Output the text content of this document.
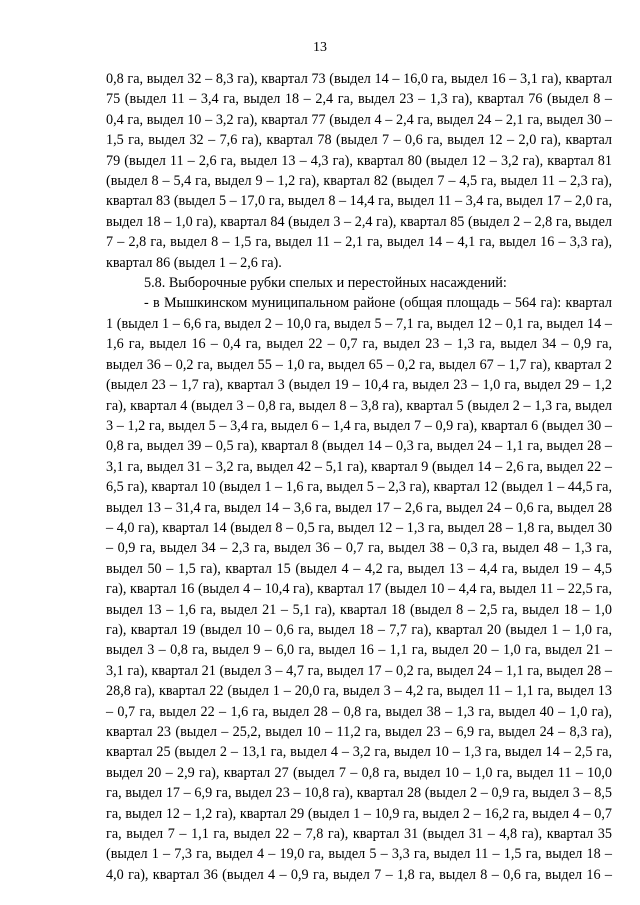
13

0,8 га, выдел 32 – 8,3 га), квартал 73 (выдел 14 – 16,0 га, выдел 16 – 3,1 га), квартал 75 (выдел 11 – 3,4 га, выдел 18 – 2,4 га, выдел 23 – 1,3 га), квартал 76 (выдел 8 – 0,4 га, выдел 10 – 3,2 га), квартал 77 (выдел 4 – 2,4 га, выдел 24 – 2,1 га, выдел 30 – 1,5 га, выдел 32 – 7,6 га), квартал 78 (выдел 7 – 0,6 га, выдел 12 – 2,0 га), квартал 79 (выдел 11 – 2,6 га, выдел 13 – 4,3 га), квартал 80 (выдел 12 – 3,2 га), квартал 81 (выдел 8 – 5,4 га, выдел 9 – 1,2 га), квартал 82 (выдел 7 – 4,5 га, выдел 11 – 2,3 га), квартал 83 (выдел 5 – 17,0 га, выдел 8 – 14,4 га, выдел 11 – 3,4 га, выдел 17 – 2,0 га, выдел 18 – 1,0 га), квартал 84 (выдел 3 – 2,4 га), квартал 85 (выдел 2 – 2,8 га, выдел 7 – 2,8 га, выдел 8 – 1,5 га, выдел 11 – 2,1 га, выдел 14 – 4,1 га, выдел 16 – 3,3 га), квартал 86 (выдел 1 – 2,6 га).

5.8. Выборочные рубки спелых и перестойных насаждений:

- в Мышкинском муниципальном районе (общая площадь – 564 га): квартал 1 (выдел 1 – 6,6 га, выдел 2 – 10,0 га, выдел 5 – 7,1 га, выдел 12 – 0,1 га, выдел 14 – 1,6 га, выдел 16 – 0,4 га, выдел 22 – 0,7 га, выдел 23 – 1,3 га, выдел 34 – 0,9 га, выдел 36 – 0,2 га, выдел 55 – 1,0 га, выдел 65 – 0,2 га, выдел 67 – 1,7 га), квартал 2 (выдел 23 – 1,7 га), квартал 3 (выдел 19 – 10,4 га, выдел 23 – 1,0 га, выдел 29 – 1,2 га), квартал 4 (выдел 3 – 0,8 га, выдел 8 – 3,8 га), квартал 5 (выдел 2 – 1,3 га, выдел 3 – 1,2 га, выдел 5 – 3,4 га, выдел 6 – 1,4 га, выдел 7 – 0,9 га), квартал 6 (выдел 30 – 0,8 га, выдел 39 – 0,5 га), квартал 8 (выдел 14 – 0,3 га, выдел 24 – 1,1 га, выдел 28 – 3,1 га, выдел 31 – 3,2 га, выдел 42 – 5,1 га), квартал 9 (выдел 14 – 2,6 га, выдел 22 – 6,5 га), квартал 10 (выдел 1 – 1,6 га, выдел 5 – 2,3 га), квартал 12 (выдел 1 – 44,5 га, выдел 13 – 31,4 га, выдел 14 – 3,6 га, выдел 17 – 2,6 га, выдел 24 – 0,6 га, выдел 28 – 4,0 га), квартал 14 (выдел 8 – 0,5 га, выдел 12 – 1,3 га, выдел 28 – 1,8 га, выдел 30 – 0,9 га, выдел 34 – 2,3 га, выдел 36 – 0,7 га, выдел 38 – 0,3 га, выдел 48 – 1,3 га, выдел 50 – 1,5 га), квартал 15 (выдел 4 – 4,2 га, выдел 13 – 4,4 га, выдел 19 – 4,5 га), квартал 16 (выдел 4 – 10,4 га), квартал 17 (выдел 10 – 4,4 га, выдел 11 – 22,5 га, выдел 13 – 1,6 га, выдел 21 – 5,1 га), квартал 18 (выдел 8 – 2,5 га, выдел 18 – 1,0 га), квартал 19 (выдел 10 – 0,6 га, выдел 18 – 7,7 га), квартал 20 (выдел 1 – 1,0 га, выдел 3 – 0,8 га, выдел 9 – 6,0 га, выдел 16 – 1,1 га, выдел 20 – 1,0 га, выдел 21 – 3,1 га), квартал 21 (выдел 3 – 4,7 га, выдел 17 – 0,2 га, выдел 24 – 1,1 га, выдел 28 – 28,8 га), квартал 22 (выдел 1 – 20,0 га, выдел 3 – 4,2 га, выдел 11 – 1,1 га, выдел 13 – 0,7 га, выдел 22 – 1,6 га, выдел 28 – 0,8 га, выдел 38 – 1,3 га, выдел 40 – 1,0 га), квартал 23 (выдел – 25,2, выдел 10 – 11,2 га, выдел 23 – 6,9 га, выдел 24 – 8,3 га), квартал 25 (выдел 2 – 13,1 га, выдел 4 – 3,2 га, выдел 10 – 1,3 га, выдел 14 – 2,5 га, выдел 20 – 2,9 га), квартал 27 (выдел 7 – 0,8 га, выдел 10 – 1,0 га, выдел 11 – 10,0 га, выдел 17 – 6,9 га, выдел 23 – 10,8 га), квартал 28 (выдел 2 – 0,9 га, выдел 3 – 8,5 га, выдел 12 – 1,2 га), квартал 29 (выдел 1 – 10,9 га, выдел 2 – 16,2 га, выдел 4 – 0,7 га, выдел 7 – 1,1 га, выдел 22 – 7,8 га), квартал 31 (выдел 31 – 4,8 га), квартал 35 (выдел 1 – 7,3 га, выдел 4 – 19,0 га, выдел 5 – 3,3 га, выдел 11 – 1,5 га, выдел 18 – 4,0 га), квартал 36 (выдел 4 – 0,9 га, выдел 7 – 1,8 га, выдел 8 – 0,6 га, выдел 16 –
